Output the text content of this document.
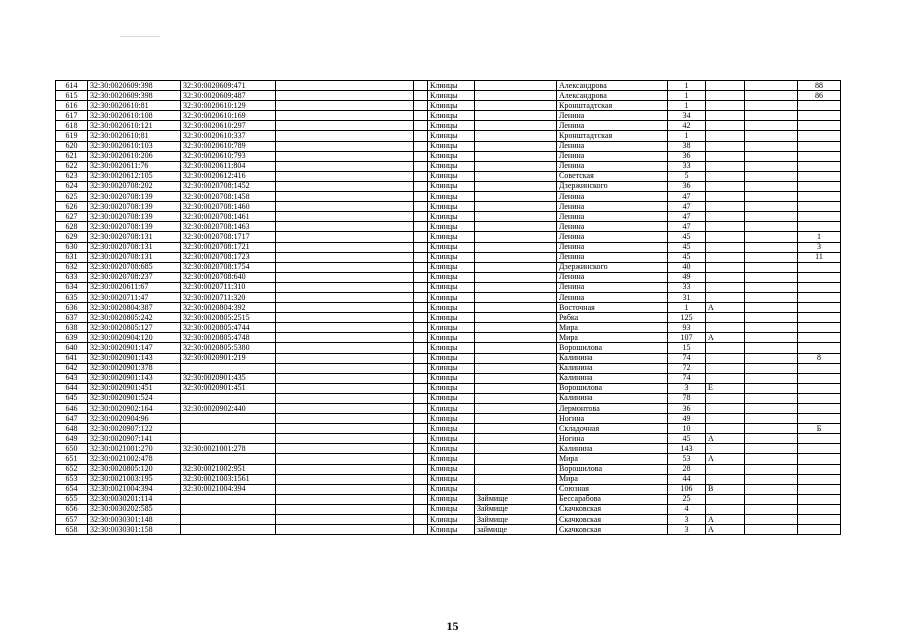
614	32:30:0020609:398	32:30:0020609:471			Клинцы		Александрова	1			88
615	32:30:0020609:398	32:30:0020609:487			Клинцы		Александрова	1			86
616	32:30:0020610:81	32:30:0020610:129			Клинцы		Кронштадтская	1			
617	32:30:0020610:108	32:30:0020610:169			Клинцы		Ленина	34			
618	32:30:0020610:121	32:30:0020610:297			Клинцы		Ленина	42			
619	32:30:0020610:81	32:30:0020610:337			Клинцы		Кронштадтская	1			
620	32:30:0020610:103	32:30:0020610:789			Клинцы		Ленина	38			
621	32:30:0020610:206	32:30:0020610:793			Клинцы		Ленина	36			
622	32:30:0020611:76	32:30:0020611:804			Клинцы		Ленина	33			
623	32:30:0020612:105	32:30:0020612:416			Клинцы		Советская	5			
624	32:30:0020708:202	32:30:0020708:1452			Клинцы		Дзержинского	36			
625	32:30:0020708:139	32:30:0020708:1458			Клинцы		Ленина	47			
626	32:30:0020708:139	32:30:0020708:1460			Клинцы		Ленина	47			
627	32:30:0020708:139	32:30:0020708:1461			Клинцы		Ленина	47			
628	32:30:0020708:139	32:30:0020708:1463			Клинцы		Ленина	47			
629	32:30:0020708:131	32:30:0020708:1717			Клинцы		Ленина	45			1
630	32:30:0020708:131	32:30:0020708:1721			Клинцы		Ленина	45			3
631	32:30:0020708:131	32:30:0020708:1723			Клинцы		Ленина	45			11
632	32:30:0020708:685	32:30:0020708:1754			Клинцы		Дзержинского	40			
633	32:30:0020708:237	32:30:0020708:640			Клинцы		Ленина	49			
634	32:30:0020611:67	32:30:0020711:310			Клинцы		Ленина	33			
635	32:30:0020711:47	32:30:0020711:320			Клинцы		Ленина	31			
636	32:30:0020804:387	32:30:0020804:392			Клинцы		Восточная	1	А		
637	32:30:0020805:242	32:30:0020805:2515			Клинцы		Рябка	125			
638	32:30:0020805:127	32:30:0020805:4744			Клинцы		Мира	93			
639	32:30:0020904:120	32:30:0020805:4748			Клинцы		Мира	107	А		
640	32:30:0020901:147	32:30:0020805:5380			Клинцы		Ворошилова	15			
641	32:30:0020901:143	32:30:0020901:219			Клинцы		Калинина	74			8
642	32:30:0020901:378				Клинцы		Калинина	72			
643	32:30:0020901:143	32:30:0020901:435			Клинцы		Калинина	74			
644	32:30:0020901:451	32:30:0020901:451			Клинцы		Ворошилова	3	Е		
645	32:30:0020901:524				Клинцы		Калинина	78			
646	32:30:0020902:164	32:30:0020902:440			Клинцы		Лермонтова	36			
647	32:30:0020904:96				Клинцы		Ногина	49			
648	32:30:0020907:122				Клинцы		Складочная	10			Б
649	32:30:0020907:141				Клинцы		Ногина	45	А		
650	32:30:0021001:270	32:30:0021001:278			Клинцы		Калинина	143			
651	32:30:0021002:478				Клинцы		Мира	53	А		
652	32:30:0020805:120	32:30:0021002:951			Клинцы		Ворошилова	28			
653	32:30:0021003:195	32:30:0021003:1561			Клинцы		Мира	44			
654	32:30:0021004:394	32:30:0021004:394			Клинцы		Союзная	106	В		
655	32:30:0030201:114				Клинцы	Займище	Бессарабова	25			
656	32:30:0030202:585				Клинцы	Займище	Скачковская	4			
657	32:30:0030301:148				Клинцы	Займище	Скачковская	3	А		
658	32:30:0030301:158				Клинцы	займище	Скачковская	3	А		
15
